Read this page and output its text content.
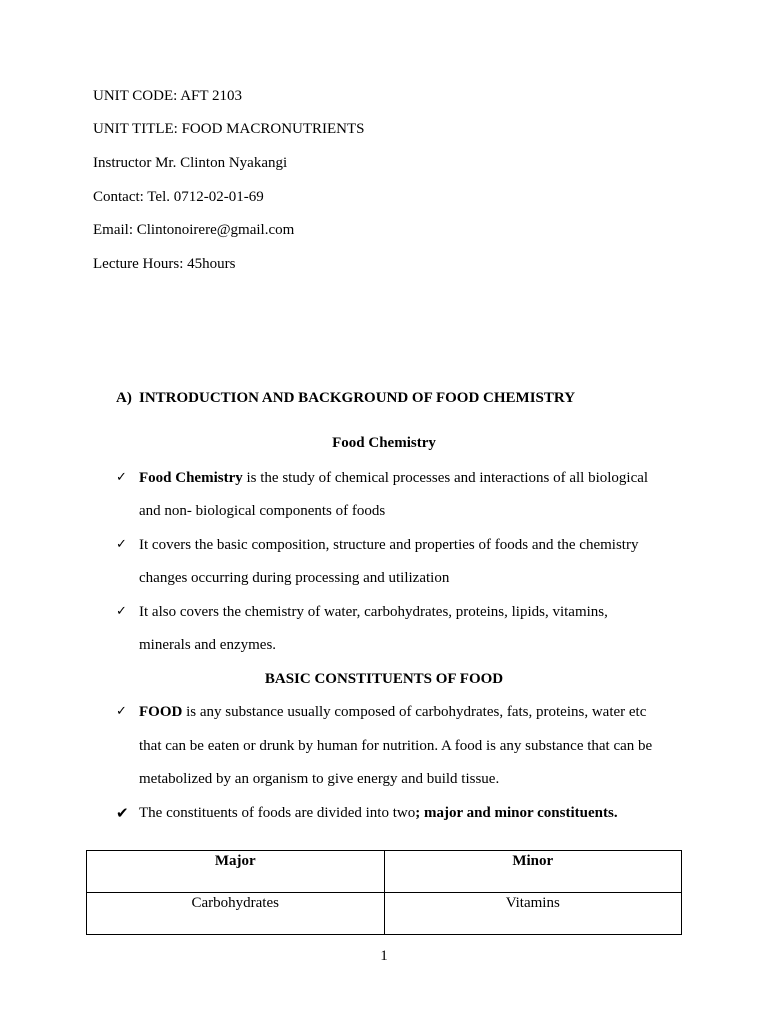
UNIT CODE: AFT 2103
UNIT TITLE: FOOD MACRONUTRIENTS
Instructor Mr. Clinton Nyakangi
Contact: Tel. 0712-02-01-69
Email: Clintonoirere@gmail.com
Lecture Hours: 45hours
A) INTRODUCTION AND BACKGROUND OF FOOD CHEMISTRY
Food Chemistry
✓ Food Chemistry is the study of chemical processes and interactions of all biological
and non- biological components of foods
✓ It covers the basic composition, structure and properties of foods and the chemistry
changes occurring during processing and utilization
✓ It also covers the chemistry of water, carbohydrates, proteins, lipids, vitamins,
minerals and enzymes.
BASIC CONSTITUENTS OF FOOD
✓ FOOD is any substance usually composed of carbohydrates, fats, proteins, water etc
that can be eaten or drunk by human for nutrition. A food is any substance that can be
metabolized by an organism to give energy and build tissue.
✔ The constituents of foods are divided into two; major and minor constituents.
Major	Minor
Carbohydrates	Vitamins
1
